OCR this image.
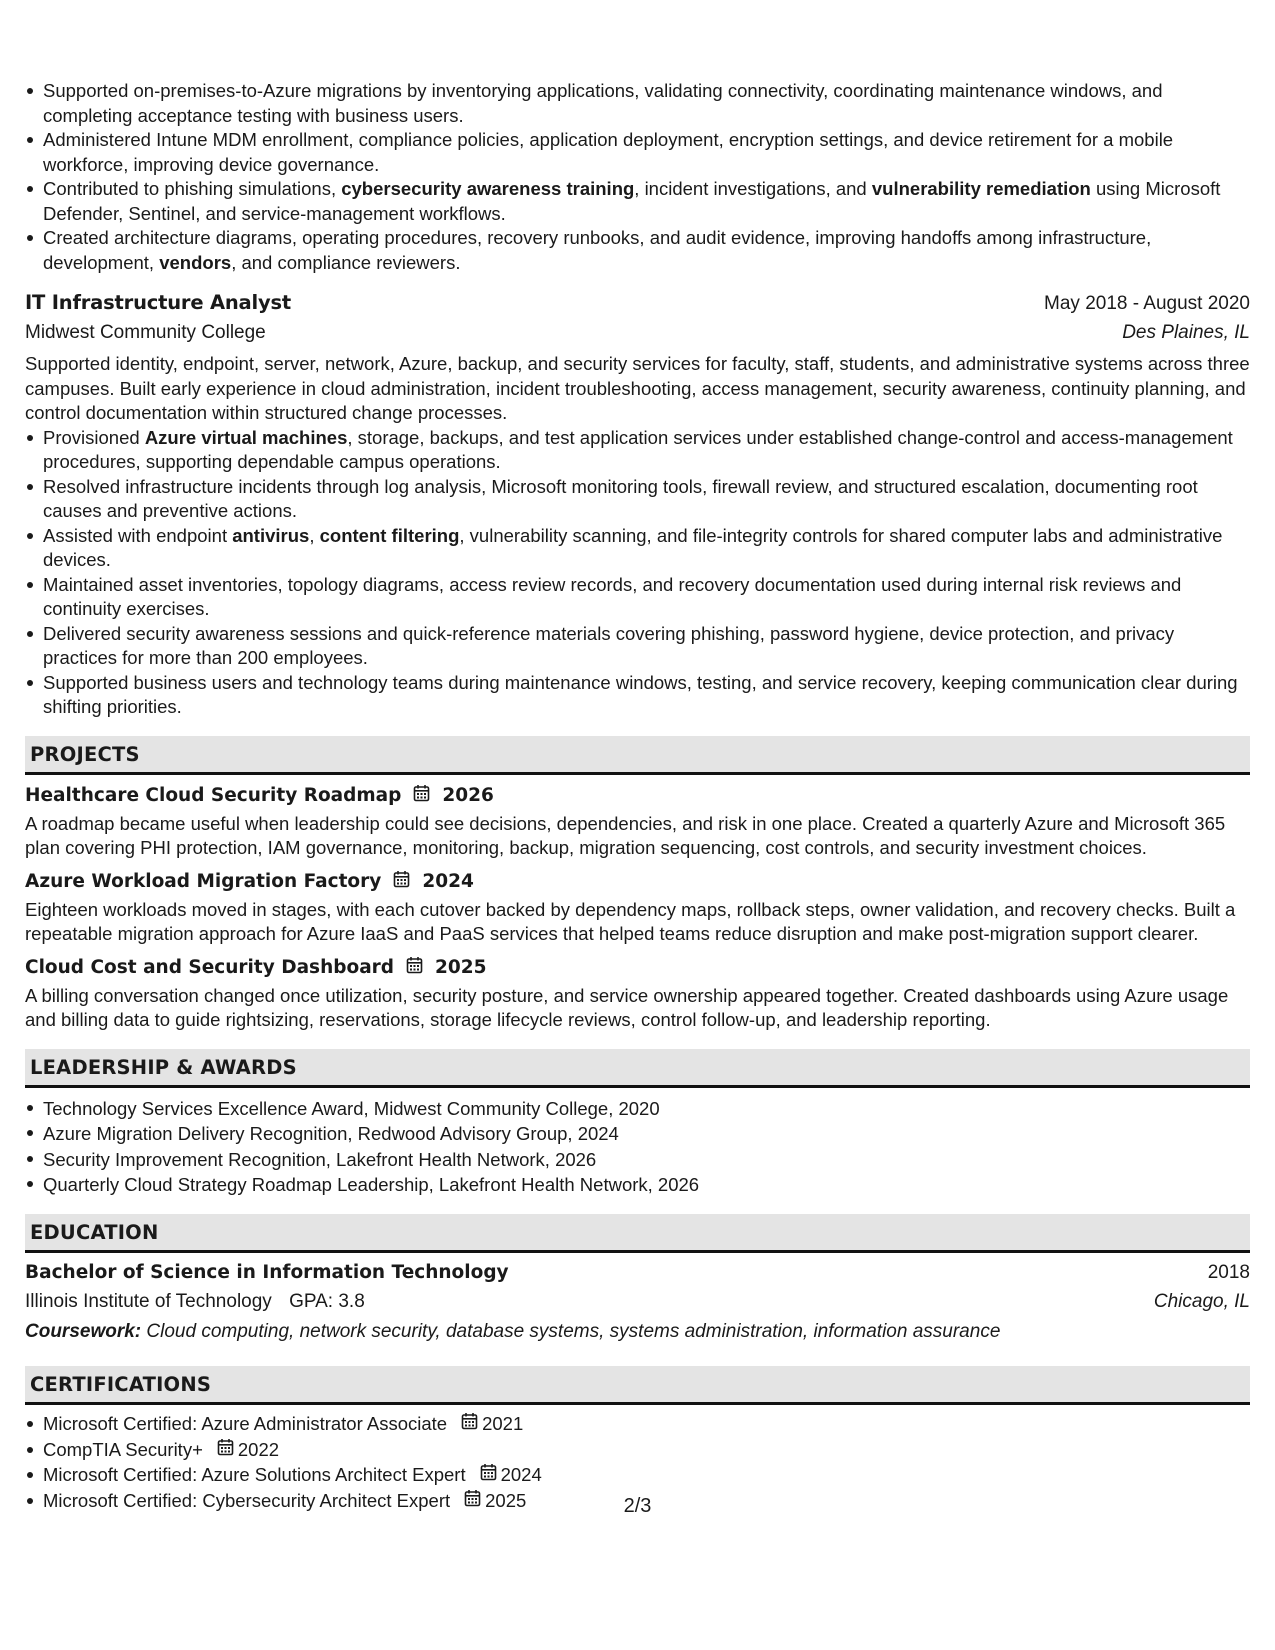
Supported on-premises-to-Azure migrations by inventorying applications, validating connectivity, coordinating maintenance windows, and completing acceptance testing with business users.
Administered Intune MDM enrollment, compliance policies, application deployment, encryption settings, and device retirement for a mobile workforce, improving device governance.
Contributed to phishing simulations, cybersecurity awareness training, incident investigations, and vulnerability remediation using Microsoft Defender, Sentinel, and service-management workflows.
Created architecture diagrams, operating procedures, recovery runbooks, and audit evidence, improving handoffs among infrastructure, development, vendors, and compliance reviewers.
IT Infrastructure Analyst	May 2018 - August 2020
Midwest Community College	Des Plaines, IL

Supported identity, endpoint, server, network, Azure, backup, and security services for faculty, staff, students, and administrative systems across three campuses. Built early experience in cloud administration, incident troubleshooting, access management, security awareness, continuity planning, and control documentation within structured change processes.

Provisioned Azure virtual machines, storage, backups, and test application services under established change-control and access-management procedures, supporting dependable campus operations.
Resolved infrastructure incidents through log analysis, Microsoft monitoring tools, firewall review, and structured escalation, documenting root causes and preventive actions.
Assisted with endpoint antivirus, content filtering, vulnerability scanning, and file-integrity controls for shared computer labs and administrative devices.
Maintained asset inventories, topology diagrams, access review records, and recovery documentation used during internal risk reviews and continuity exercises.
Delivered security awareness sessions and quick-reference materials covering phishing, password hygiene, device protection, and privacy practices for more than 200 employees.
Supported business users and technology teams during maintenance windows, testing, and service recovery, keeping communication clear during shifting priorities.
PROJECTS
Healthcare Cloud Security Roadmap 2026

A roadmap became useful when leadership could see decisions, dependencies, and risk in one place. Created a quarterly Azure and Microsoft 365 plan covering PHI protection, IAM governance, monitoring, backup, migration sequencing, cost controls, and security investment choices.

Azure Workload Migration Factory 2024

Eighteen workloads moved in stages, with each cutover backed by dependency maps, rollback steps, owner validation, and recovery checks. Built a repeatable migration approach for Azure IaaS and PaaS services that helped teams reduce disruption and make post-migration support clearer.

Cloud Cost and Security Dashboard 2025

A billing conversation changed once utilization, security posture, and service ownership appeared together. Created dashboards using Azure usage and billing data to guide rightsizing, reservations, storage lifecycle reviews, control follow-up, and leadership reporting.

LEADERSHIP & AWARDS
Technology Services Excellence Award, Midwest Community College, 2020
Azure Migration Delivery Recognition, Redwood Advisory Group, 2024
Security Improvement Recognition, Lakefront Health Network, 2026
Quarterly Cloud Strategy Roadmap Leadership, Lakefront Health Network, 2026
EDUCATION
Bachelor of Science in Information Technology	2018
Illinois Institute of Technology GPA: 3.8	Chicago, IL
Coursework: Cloud computing, network security, database systems, systems administration, information assurance
CERTIFICATIONS
Microsoft Certified: Azure Administrator Associate 2021
CompTIA Security+ 2022
Microsoft Certified: Azure Solutions Architect Expert 2024
Microsoft Certified: Cybersecurity Architect Expert 2025	2/3
